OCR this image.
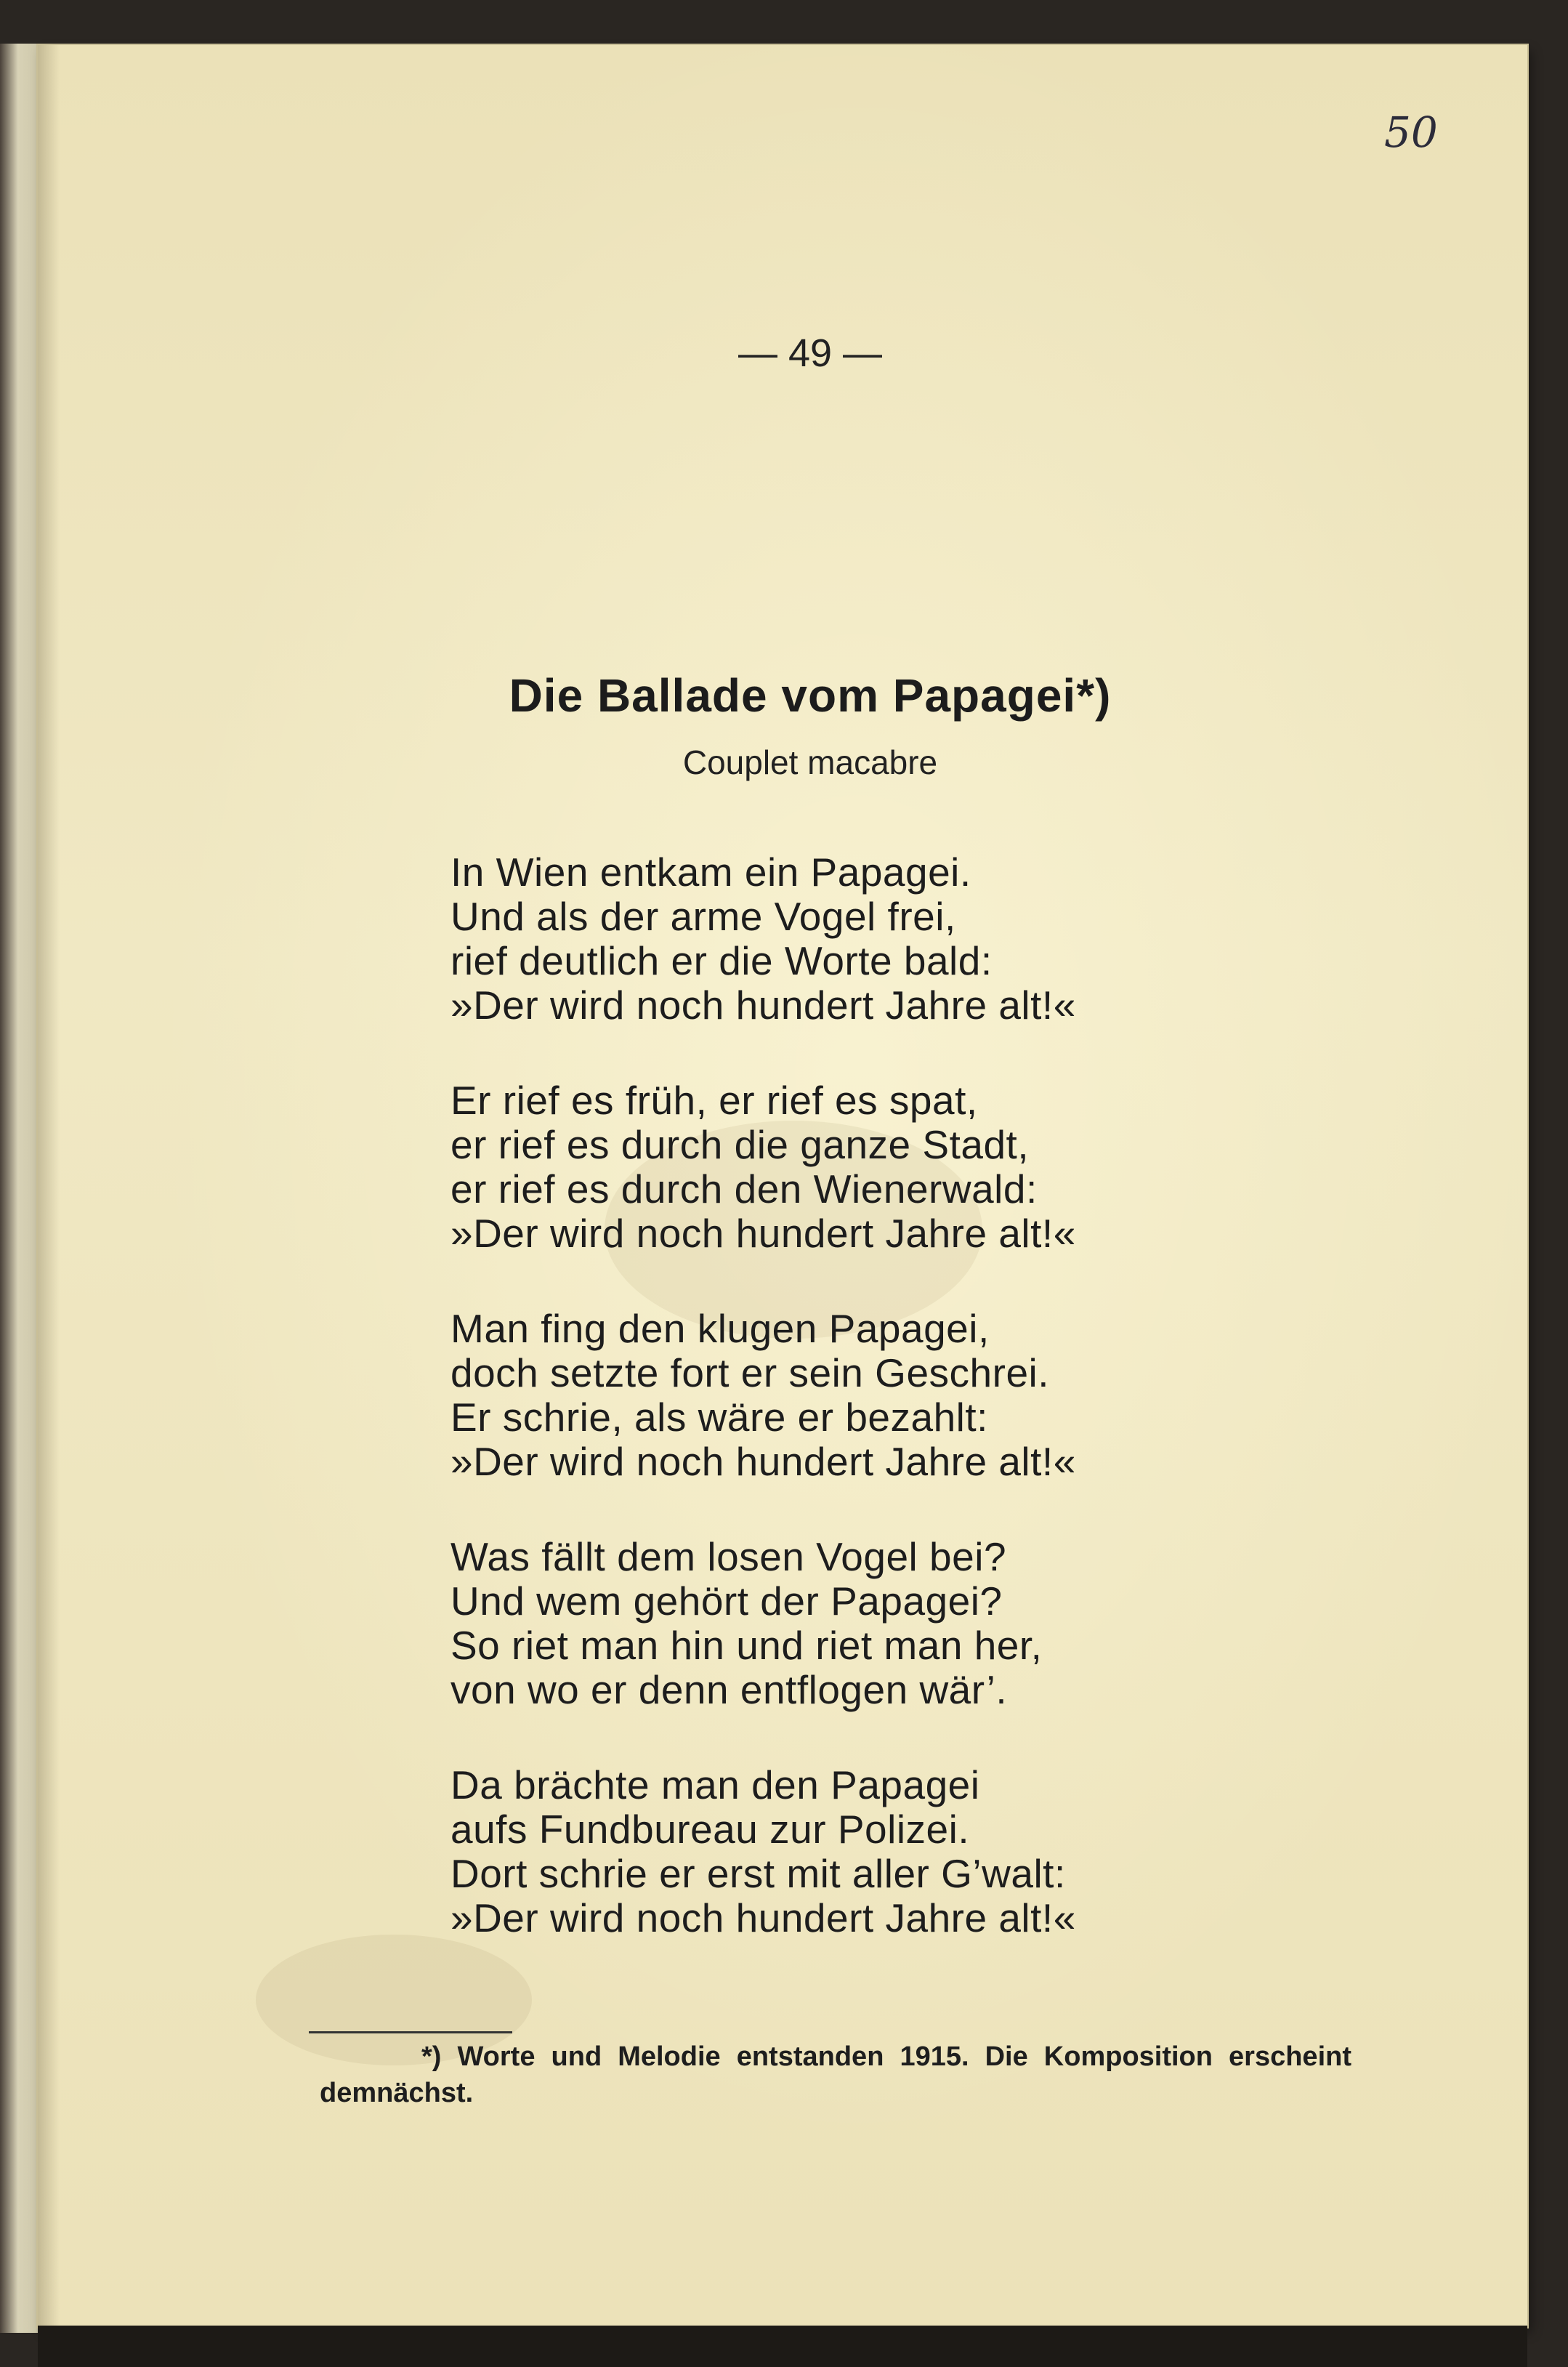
50
— 49 —
Die Ballade vom Papagei*)
Couplet macabre
In Wien entkam ein Papagei.
Und als der arme Vogel frei,
rief deutlich er die Worte bald:
»Der wird noch hundert Jahre alt!«
Er rief es früh, er rief es spat,
er rief es durch die ganze Stadt,
er rief es durch den Wienerwald:
»Der wird noch hundert Jahre alt!«
Man fing den klugen Papagei,
doch setzte fort er sein Geschrei.
Er schrie, als wäre er bezahlt:
»Der wird noch hundert Jahre alt!«
Was fällt dem losen Vogel bei?
Und wem gehört der Papagei?
So riet man hin und riet man her,
von wo er denn entflogen wär’.
Da brächte man den Papagei
aufs Fundbureau zur Polizei.
Dort schrie er erst mit aller G’walt:
»Der wird noch hundert Jahre alt!«
*) Worte und Melodie entstanden 1915. Die Komposition erscheint demnächst.
